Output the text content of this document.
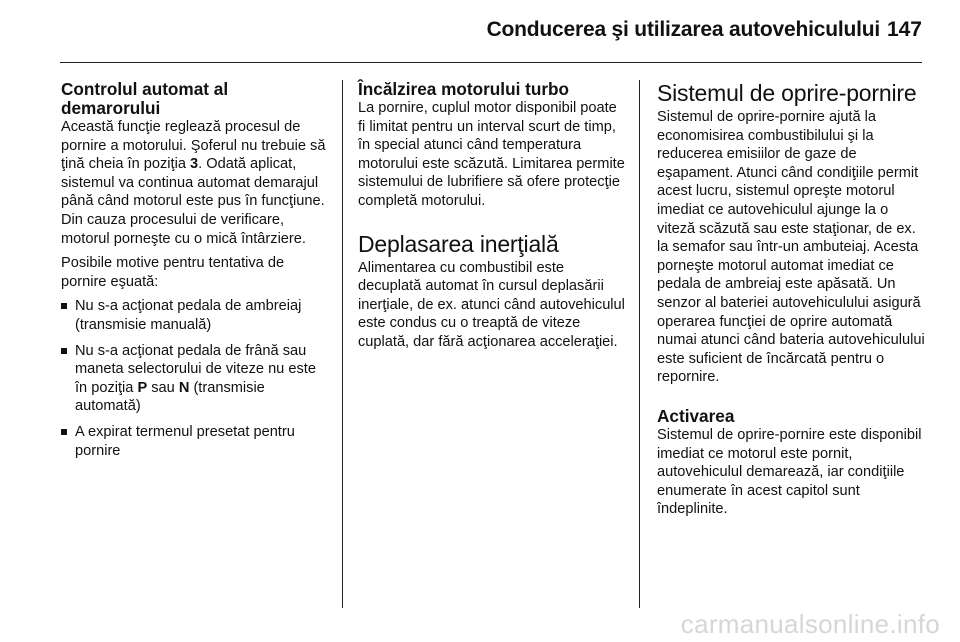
Conducerea şi utilizarea autovehiculului 147
Controlul automat al demarorului

Această funcţie reglează procesul de pornire a motorului. Şoferul nu trebuie să ţină cheia în poziţia 3. Odată aplicat, sistemul va continua automat demarajul până când motorul este pus în funcţiune. Din cauza procesului de verificare, motorul porneşte cu o mică întârziere.

Posibile motive pentru tentativa de pornire eşuată:

Nu s-a acţionat pedala de ambreiaj (transmisie manuală)
Nu s-a acţionat pedala de frână sau maneta selectorului de viteze nu este în poziţia P sau N (transmisie automată)
A expirat termenul presetat pentru pornire
Încălzirea motorului turbo

La pornire, cuplul motor disponibil poate fi limitat pentru un interval scurt de timp, în special atunci când temperatura motorului este scăzută. Limitarea permite sistemului de lubrifiere să ofere protecţie completă motorului.

Deplasarea inerţială

Alimentarea cu combustibil este decuplată automat în cursul deplasării inerţiale, de ex. atunci când autovehiculul este condus cu o treaptă de viteze cuplată, dar fără acţionarea acceleraţiei.

Sistemul de oprire-pornire

Sistemul de oprire-pornire ajută la economisirea combustibilului şi la reducerea emisiilor de gaze de eşapament. Atunci când condiţiile permit acest lucru, sistemul opreşte motorul imediat ce autovehiculul ajunge la o viteză scăzută sau este staţionar, de ex. la semafor sau într-un ambuteiaj. Acesta porneşte motorul automat imediat ce pedala de ambreiaj este apăsată. Un senzor al bateriei autovehiculului asigură operarea funcţiei de oprire automată numai atunci când bateria autovehiculului este suficient de încărcată pentru o repornire.

Activarea

Sistemul de oprire-pornire este disponibil imediat ce motorul este pornit, autovehiculul demarează, iar condiţiile enumerate în acest capitol sunt îndeplinite.

carmanualsonline.info
